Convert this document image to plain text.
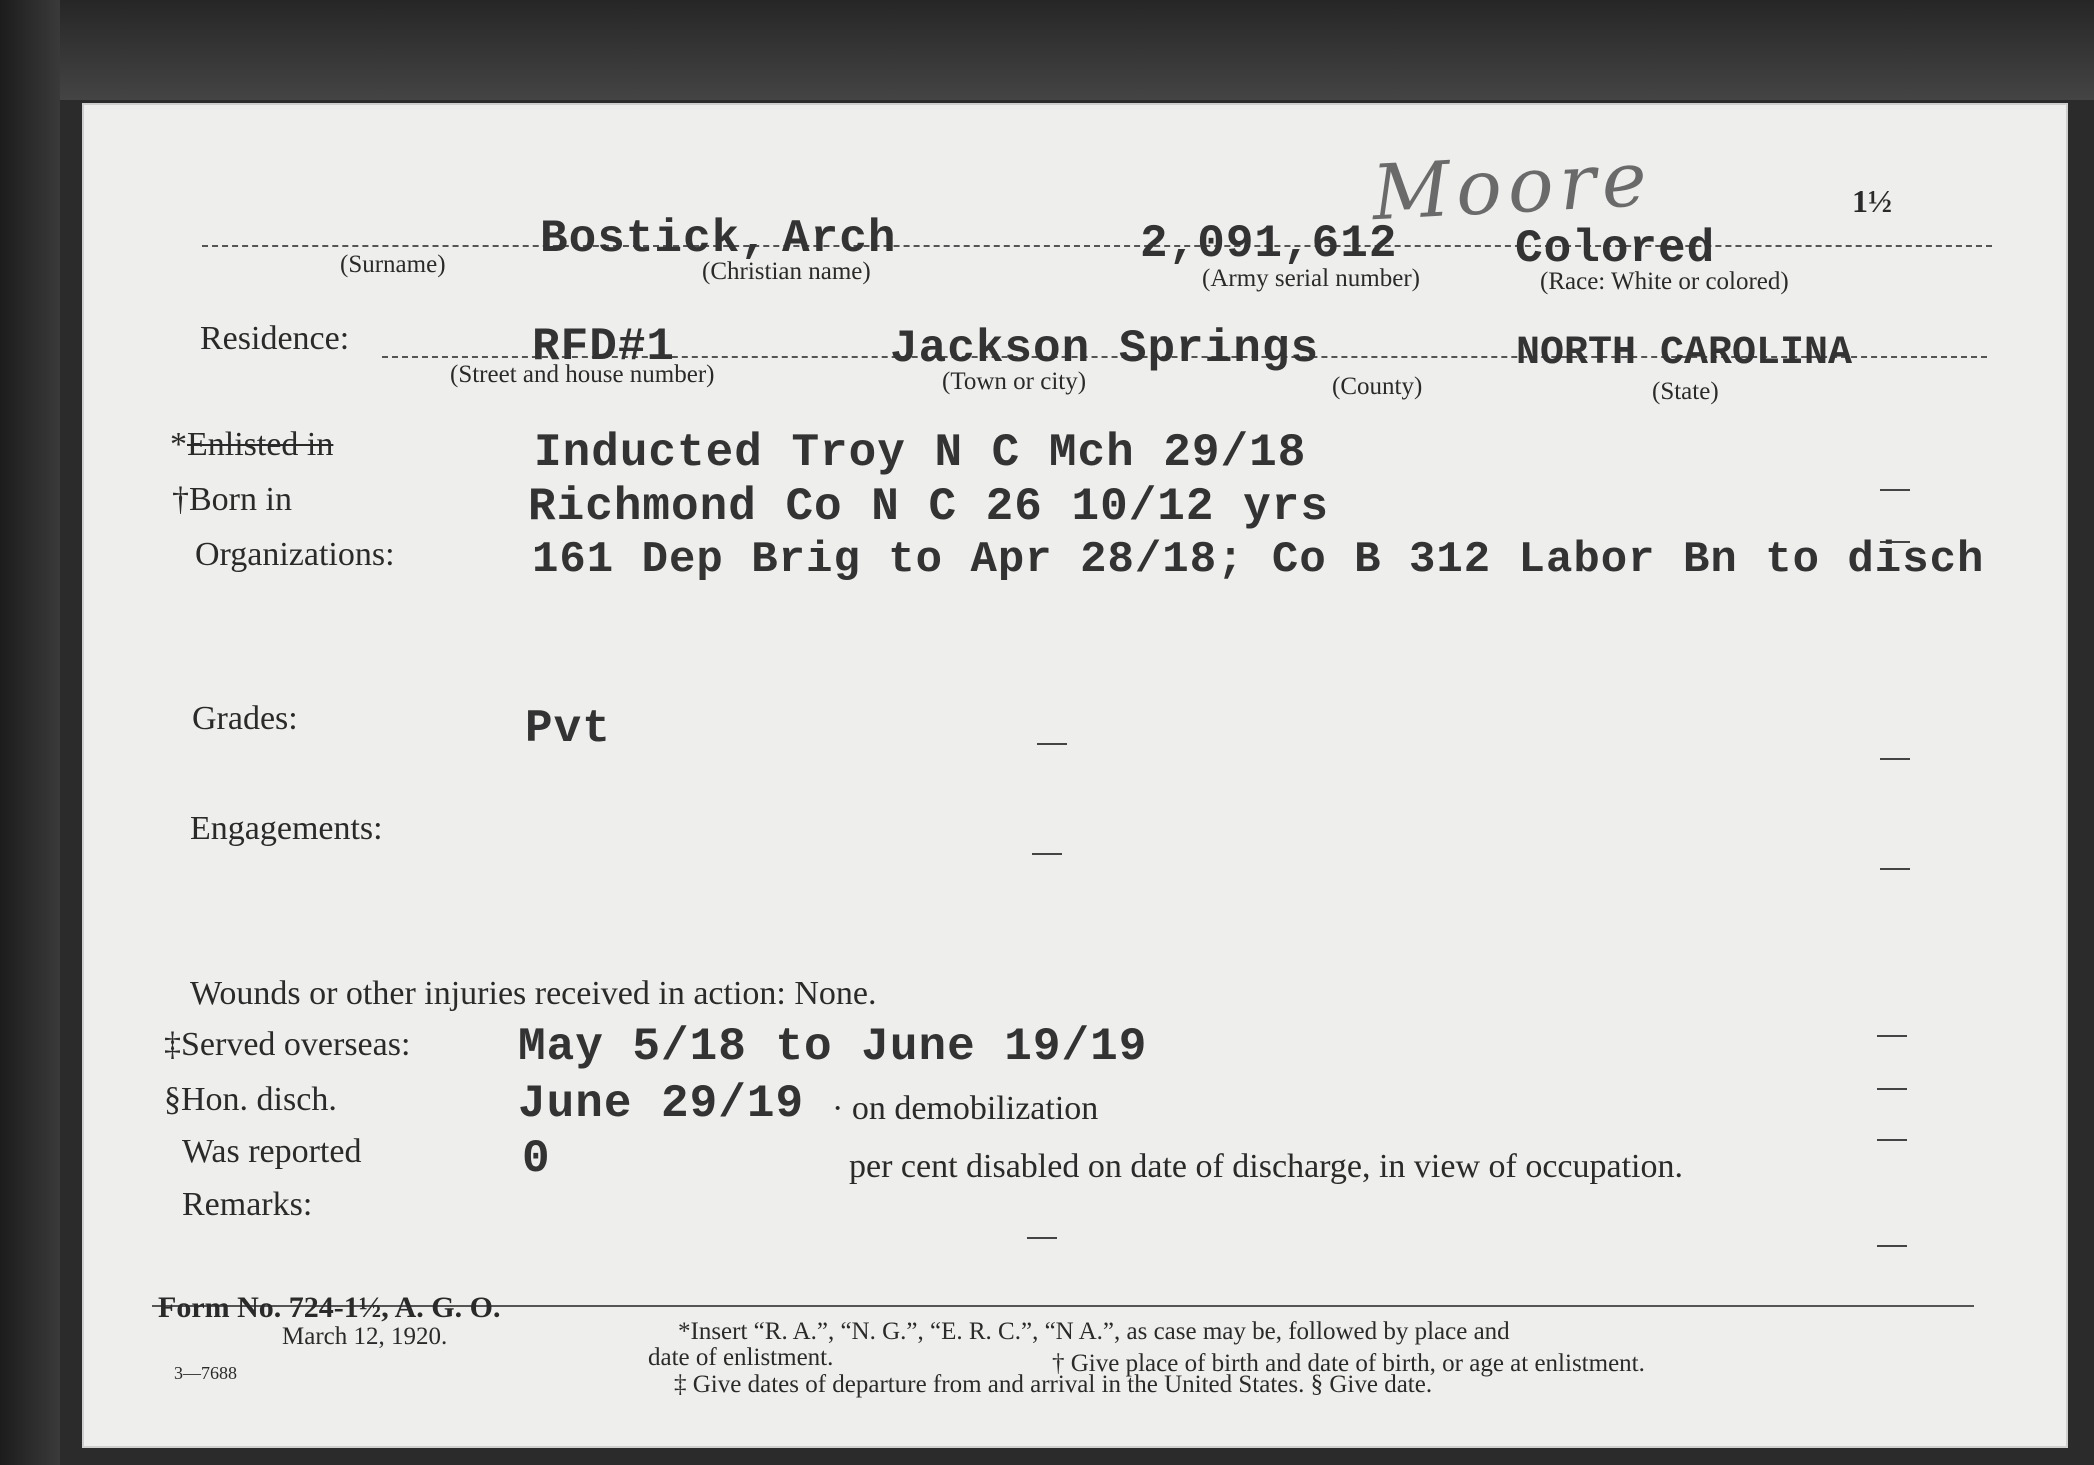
Moore	1½
Bostick, Arch	2,091,612	Colored
(Surname)	(Christian name)	(Army serial number)	(Race: White or colored)
Residence:	RFD#1	Jackson Springs	NORTH CAROLINA
(Street and house number)	(Town or city)	(County)	(State)
*Enlisted in	Inducted Troy N C Mch 29/18
†Born in	Richmond Co N C 26 10/12 yrs
Organizations:	161 Dep Brig to Apr 28/18; Co B 312 Labor Bn to disch
Grades:	Pvt
Engagements:
Wounds or other injuries received in action: None.
‡Served overseas: May 5/18 to June 19/19
§Hon. disch.	June 29/19 · on demobilization
Was reported	0	per cent disabled on date of discharge, in view of occupation.
Remarks:
Form No. 724-1½, A. G. O.
March 12, 1920.
3—7688
*Insert “R. A.”, “N. G.”, “E. R. C.”, “N A.”, as case may be, followed by place and
date of enlistment.	† Give place of birth and date of birth, or age at enlistment.
‡ Give dates of departure from and arrival in the United States. § Give date.
